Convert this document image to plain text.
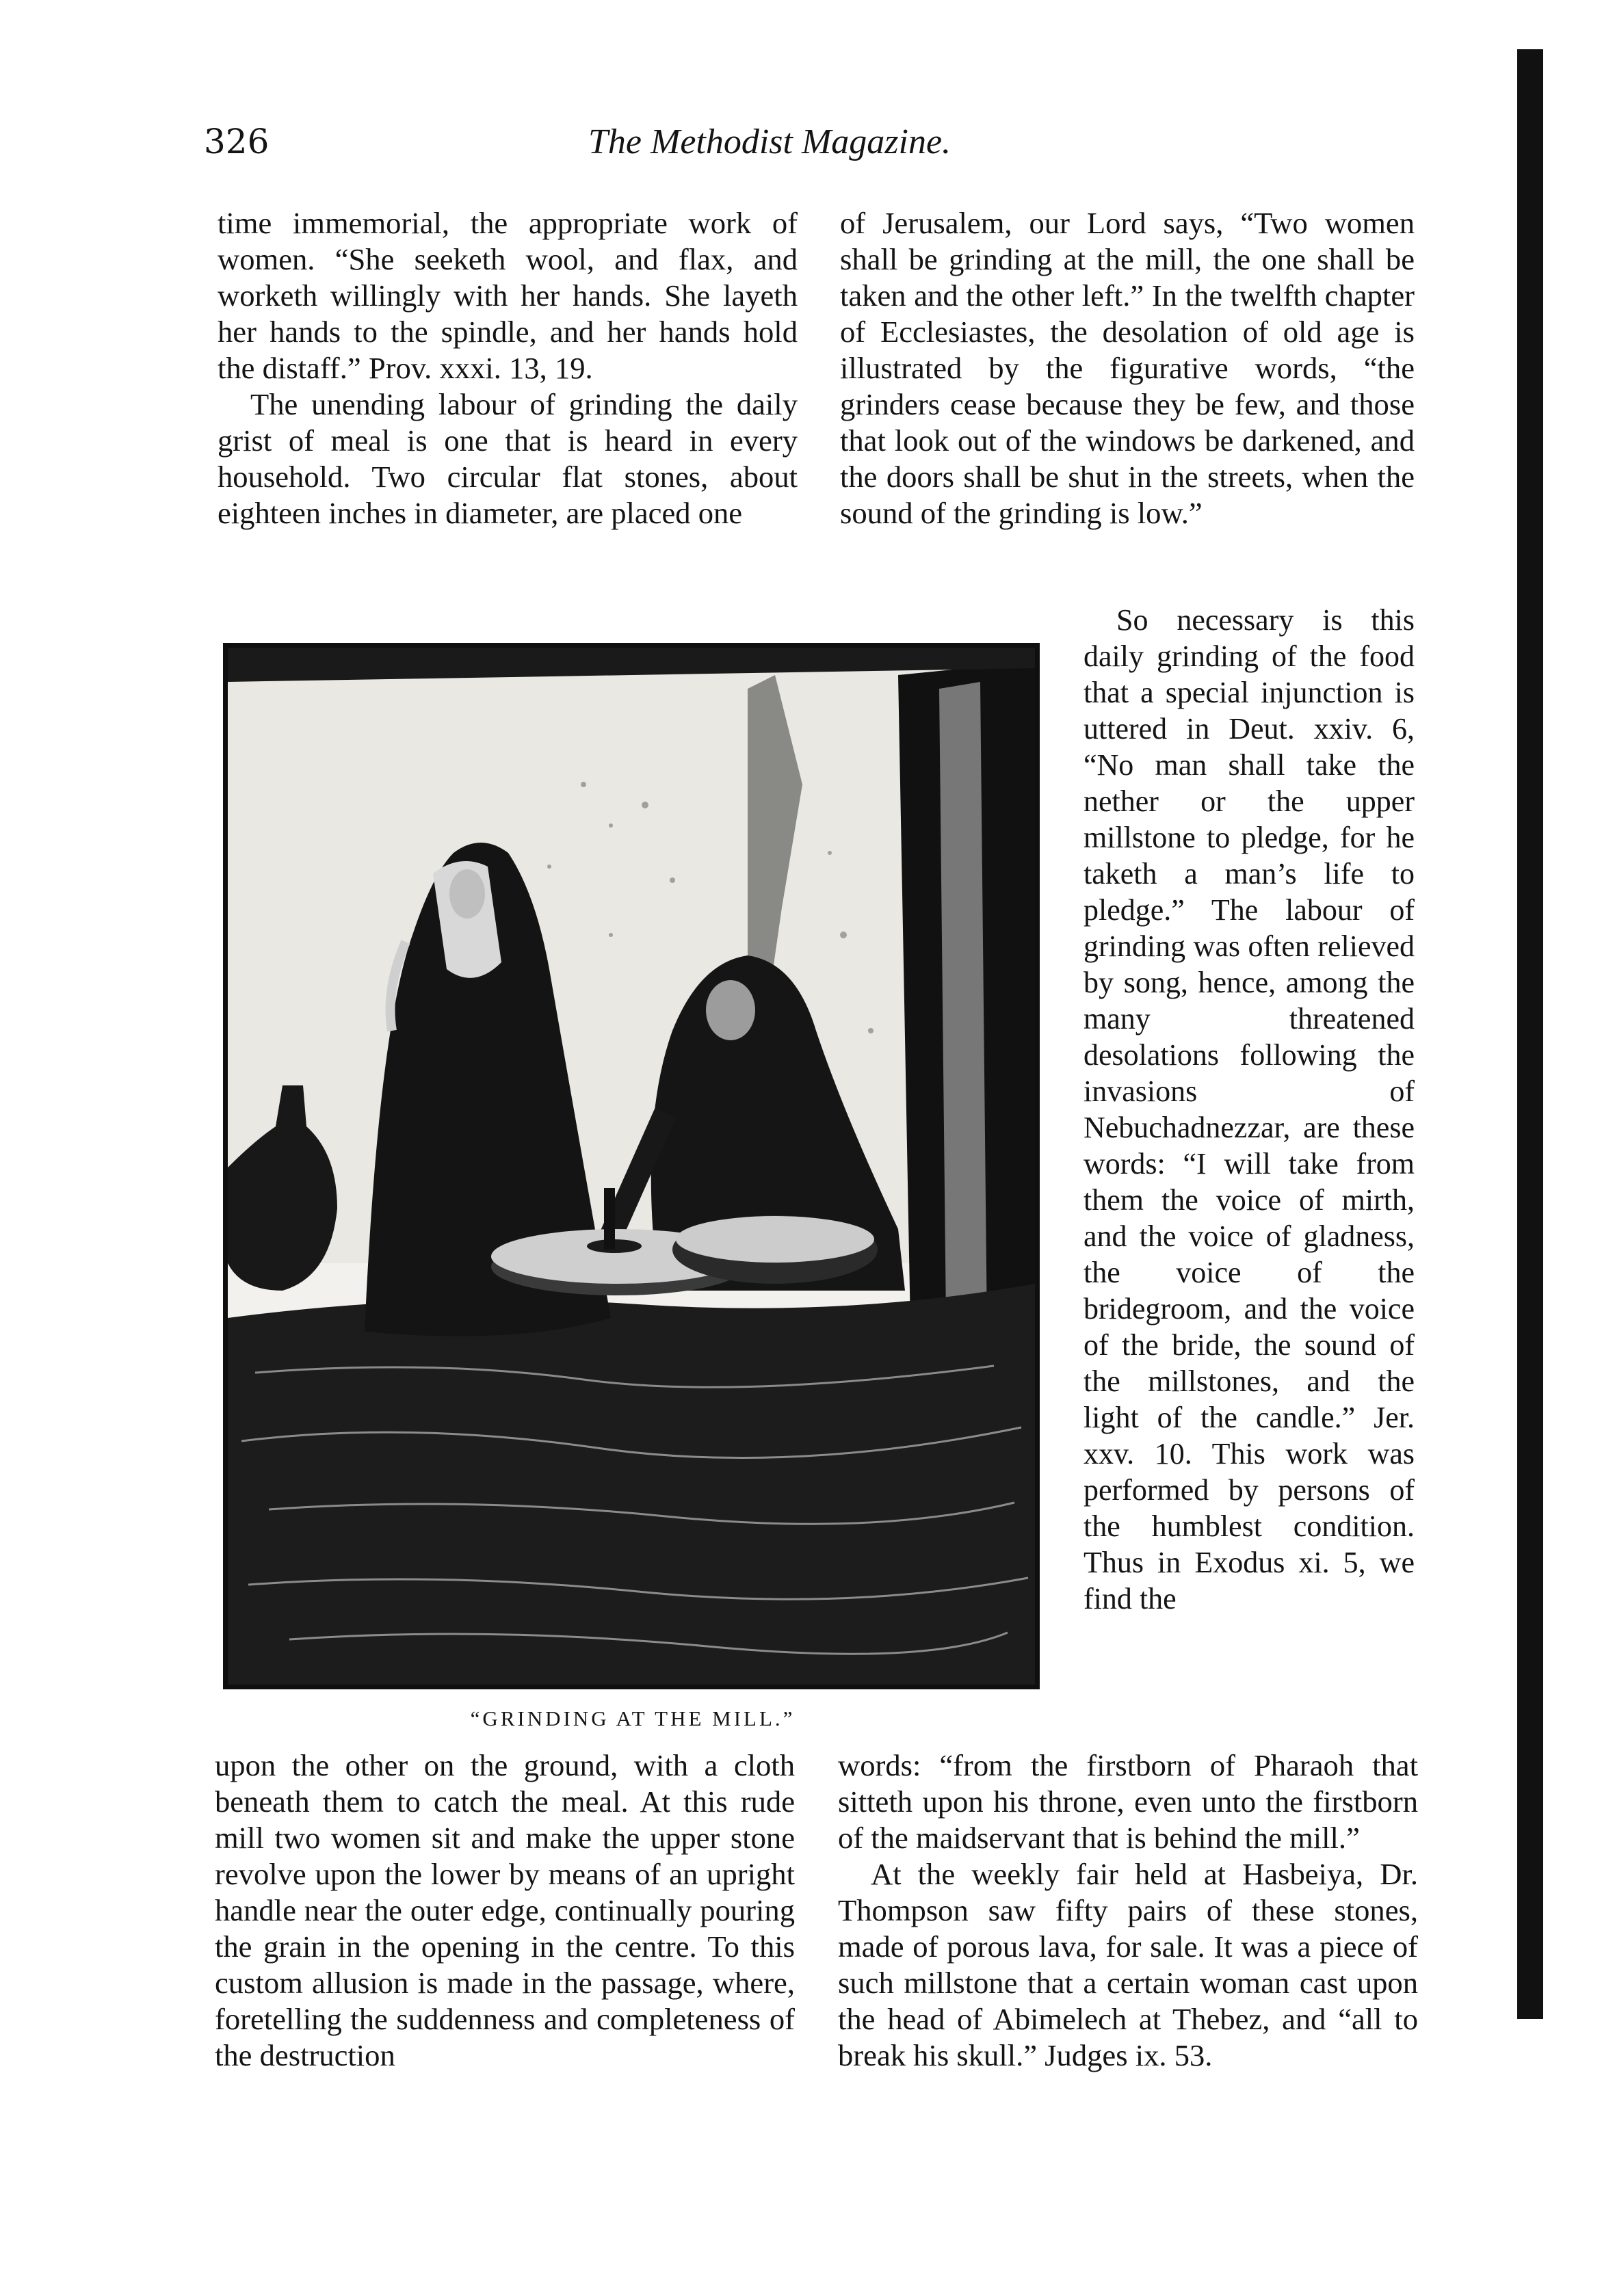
326	The Methodist Magazine.

time immemorial, the appropriate work of women. “She seeketh wool, and flax, and worketh willingly with her hands. She layeth her hands to the spindle, and her hands hold the distaff.” Prov. xxxi. 13, 19.

The unending labour of grinding the daily grist of meal is one that is heard in every household. Two circular flat stones, about eighteen inches in diameter, are placed one

of Jerusalem, our Lord says, “Two women shall be grinding at the mill, the one shall be taken and the other left.” In the twelfth chapter of Ecclesiastes, the desolation of old age is illustrated by the figurative words, “the grinders cease because they be few, and those that look out of the windows be darkened, and the doors shall be shut in the streets, when the sound of the grinding is low.”

So necessary is this daily grinding of the food that a special injunction is uttered in Deut. xxiv. 6, “No man shall take the nether or the upper millstone to pledge, for he taketh a man’s life to pledge.” The labour of grinding was often relieved by song, hence, among the many threatened desolations following the invasions of Nebuchadnezzar, are these words: “I will take from them the voice of mirth, and the voice of gladness, the voice of the bridegroom, and the voice of the bride, the sound of the millstones, and the light of the candle.” Jer. xxv. 10. This work was performed by persons of the humblest condition. Thus in Exodus xi. 5, we find the

“GRINDING AT THE MILL.”

upon the other on the ground, with a cloth beneath them to catch the meal. At this rude mill two women sit and make the upper stone revolve upon the lower by means of an upright handle near the outer edge, continually pouring the grain in the opening in the centre. To this custom allusion is made in the passage, where, foretelling the suddenness and completeness of the destruction

words: “from the firstborn of Pharaoh that sitteth upon his throne, even unto the firstborn of the maidservant that is behind the mill.”

At the weekly fair held at Hasbeiya, Dr. Thompson saw fifty pairs of these stones, made of porous lava, for sale. It was a piece of such millstone that a certain woman cast upon the head of Abimelech at Thebez, and “all to break his skull.” Judges ix. 53.
